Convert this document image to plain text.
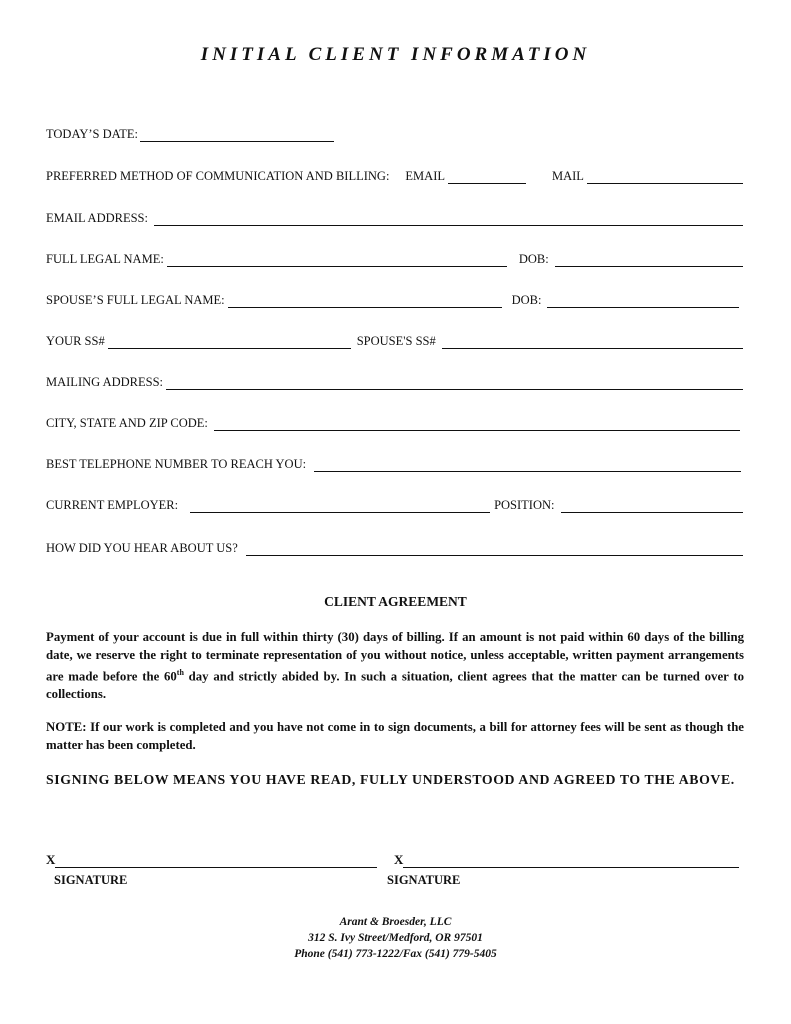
INITIAL CLIENT INFORMATION
TODAY’S DATE:
PREFERRED METHOD OF COMMUNICATION AND BILLING: EMAIL	MAIL
EMAIL ADDRESS:
FULL LEGAL NAME:	DOB:
SPOUSE’S FULL LEGAL NAME:	DOB:
YOUR SS#	SPOUSE'S SS#
MAILING ADDRESS:
CITY, STATE AND ZIP CODE:
BEST TELEPHONE NUMBER TO REACH YOU:
CURRENT EMPLOYER:	POSITION:
HOW DID YOU HEAR ABOUT US?
CLIENT AGREEMENT
Payment of your account is due in full within thirty (30) days of billing. If an amount is not paid within 60 days of the billing date, we reserve the right to terminate representation of you without notice, unless acceptable, written payment arrangements are made before the 60th day and strictly abided by. In such a situation, client agrees that the matter can be turned over to collections.
NOTE: If our work is completed and you have not come in to sign documents, a bill for attorney fees will be sent as though the matter has been completed.
SIGNING BELOW MEANS YOU HAVE READ, FULLY UNDERSTOOD AND AGREED TO THE ABOVE.
X	X
SIGNATURE	SIGNATURE
Arant & Broesder, LLC
312 S. Ivy Street/Medford, OR 97501
Phone (541) 773-1222/Fax (541) 779-5405
